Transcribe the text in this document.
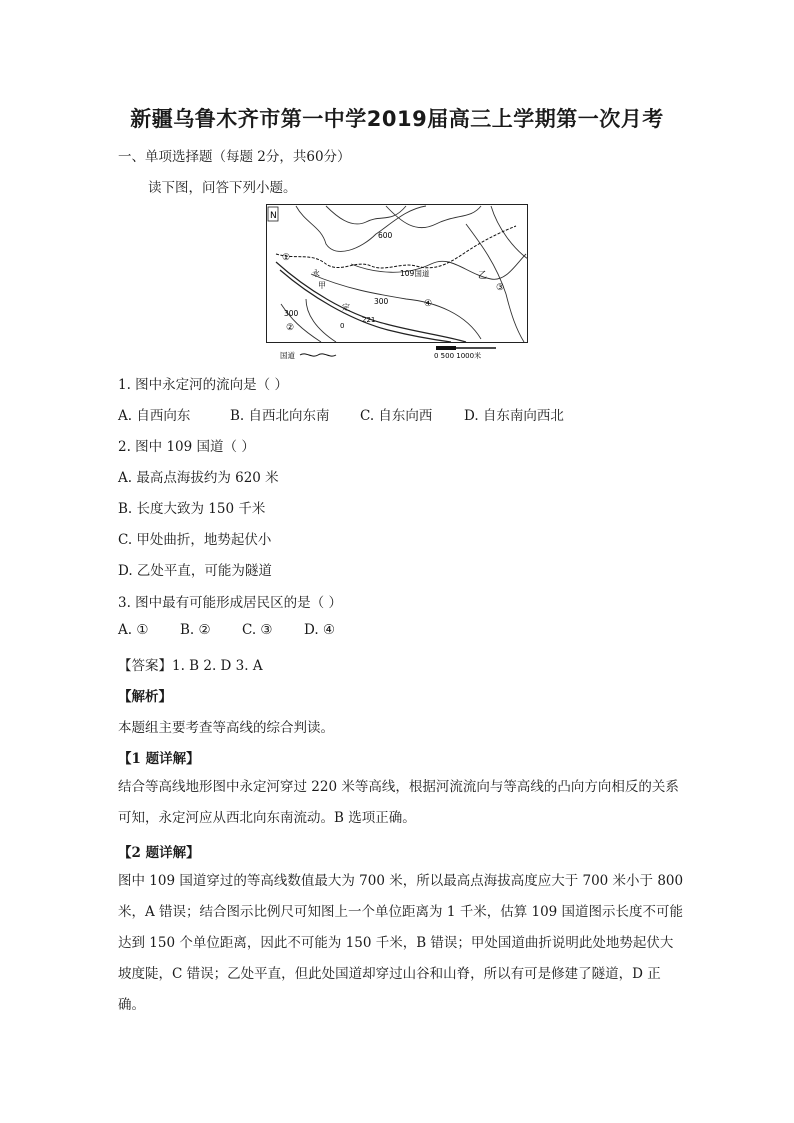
新疆乌鲁木齐市第一中学2019届高三上学期第一次月考
一、单项选择题（每题 2分，共60分）
读下图，问答下列小题。
N
109国道
600
300
300
永
甲
定
221
0
乙
①
②
③
④
国道	0 500 1000米
1. 图中永定河的流向是（ ）
A. 自西向东	B. 自西北向东南 C. 自东向西 D. 自东南向西北
2. 图中 109 国道（ ）
A. 最高点海拔约为 620 米
B. 长度大致为 150 千米
C. 甲处曲折，地势起伏小
D. 乙处平直，可能为隧道
3. 图中最有可能形成居民区的是（ ）
A. ① B. ② C. ③ D. ④
【答案】1. B 2. D 3. A
【解析】
本题组主要考查等高线的综合判读。
【1 题详解】
结合等高线地形图中永定河穿过 220 米等高线，根据河流流向与等高线的凸向方向相反的关系可知，永定河应从西北向东南流动。B 选项正确。
【2 题详解】
图中 109 国道穿过的等高线数值最大为 700 米，所以最高点海拔高度应大于 700 米小于 800 米，A 错误；结合图示比例尺可知图上一个单位距离为 1 千米，估算 109 国道图示长度不可能达到 150 个单位距离，因此不可能为 150 千米，B 错误；甲处国道曲折说明此处地势起伏大坡度陡，C 错误；乙处平直，但此处国道却穿过山谷和山脊，所以有可是修建了隧道，D 正确。
